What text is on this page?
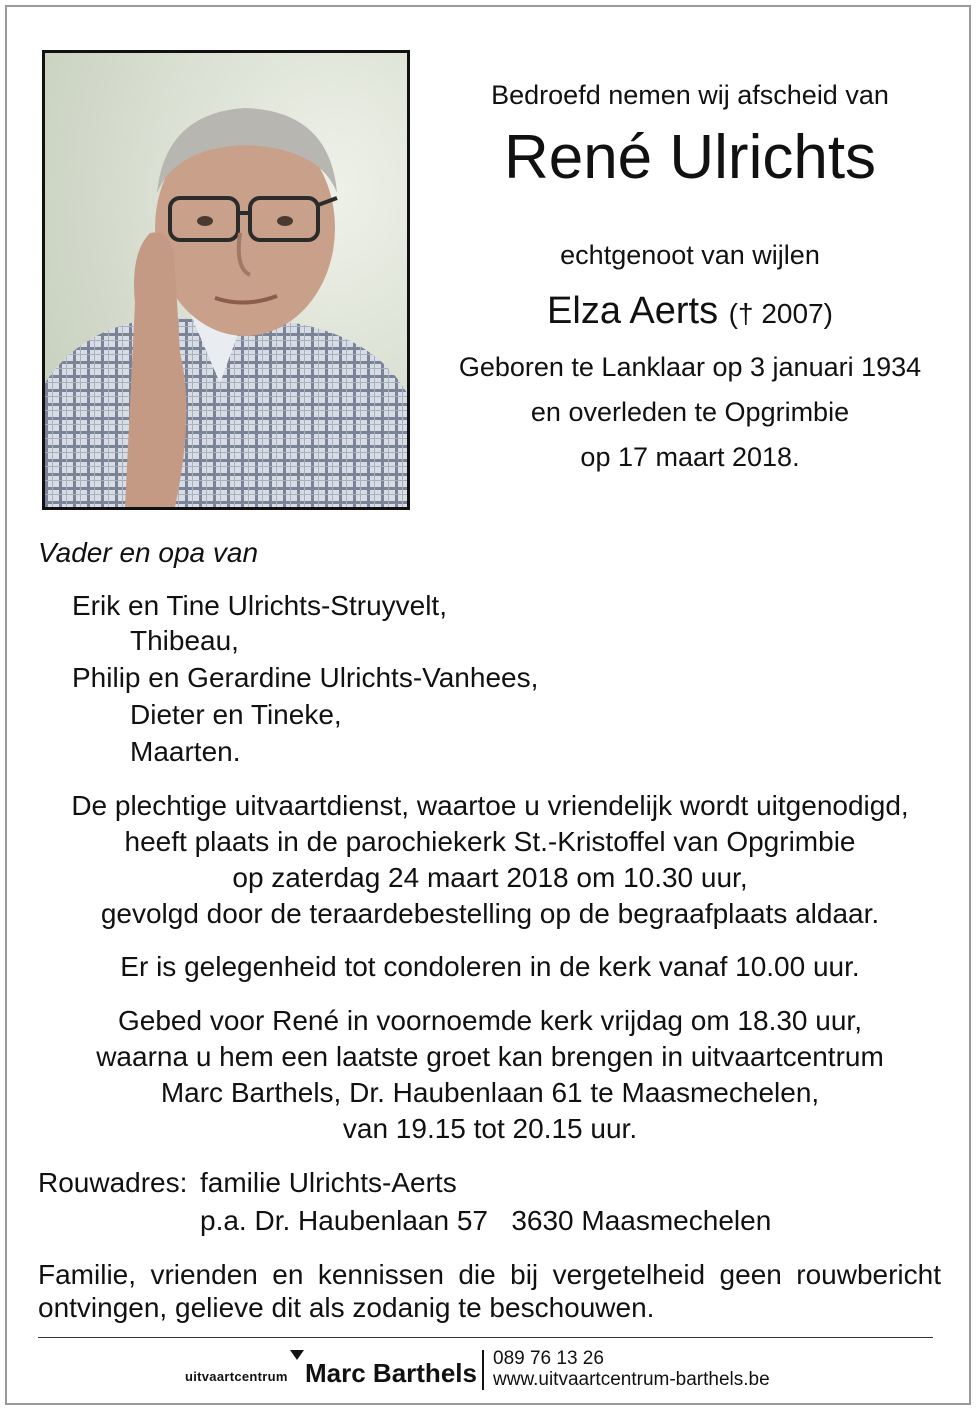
Bedroefd nemen wij afscheid van
René Ulrichts
echtgenoot van wijlen
Elza Aerts († 2007)
Geboren te Lanklaar op 3 januari 1934
en overleden te Opgrimbie
op 17 maart 2018.
Vader en opa van
Erik en Tine Ulrichts-Struyvelt,
Thibeau,
Philip en Gerardine Ulrichts-Vanhees,
Dieter en Tineke,
Maarten.
De plechtige uitvaartdienst, waartoe u vriendelijk wordt uitgenodigd,
heeft plaats in de parochiekerk St.-Kristoffel van Opgrimbie
op zaterdag 24 maart 2018 om 10.30 uur,
gevolgd door de teraardebestelling op de begraafplaats aldaar.
Er is gelegenheid tot condoleren in de kerk vanaf 10.00 uur.
Gebed voor René in voornoemde kerk vrijdag om 18.30 uur,
waarna u hem een laatste groet kan brengen in uitvaartcentrum
Marc Barthels, Dr. Haubenlaan 61 te Maasmechelen,
van 19.15 tot 20.15 uur.
Rouwadres: familie Ulrichts-Aerts
p.a. Dr. Haubenlaan 57   3630 Maasmechelen
Familie, vrienden en kennissen die bij vergetelheid geen rouwbericht ontvingen, gelieve dit als zodanig te beschouwen.
uitvaartcentrum Marc Barthels 089 76 13 26
www.uitvaartcentrum-barthels.be
